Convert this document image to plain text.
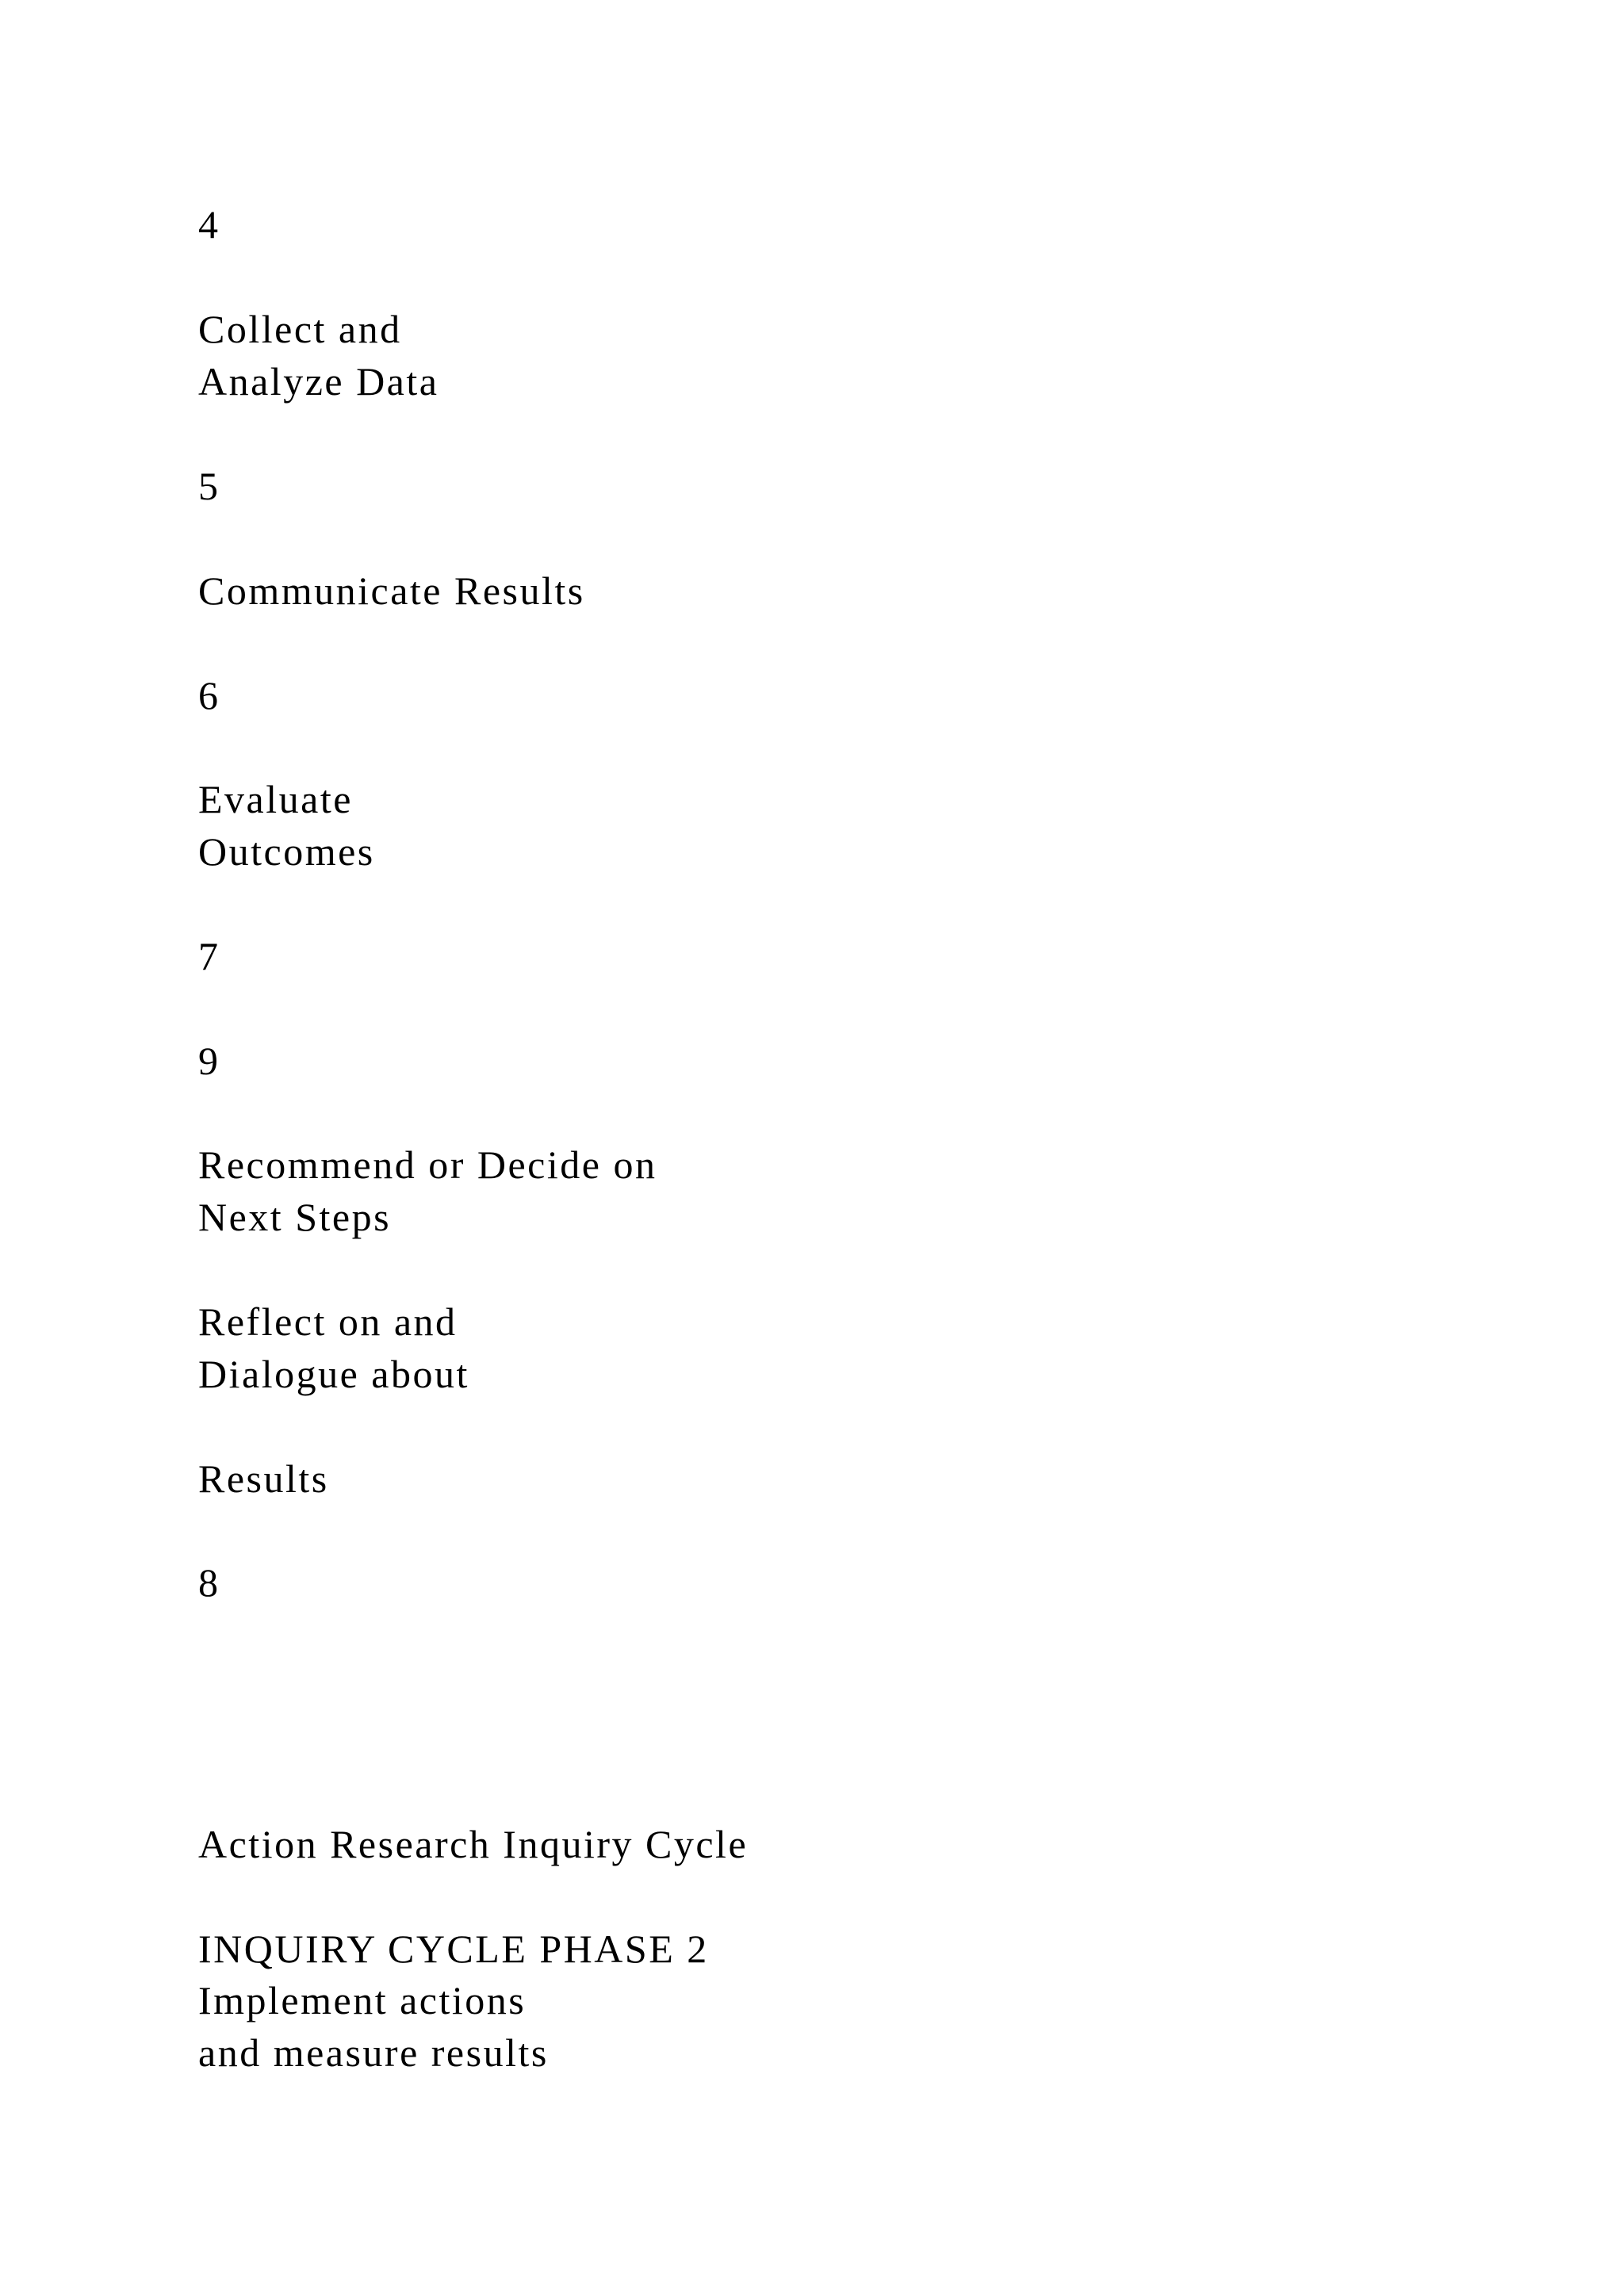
4

Collect and

Analyze Data

5

Communicate Results

6

Evaluate

Outcomes

7

9

Recommend or Decide on

Next Steps

Reflect on and

Dialogue about

Results

8

Action Research Inquiry Cycle

INQUIRY CYCLE PHASE 2

Implement actions

and measure results
